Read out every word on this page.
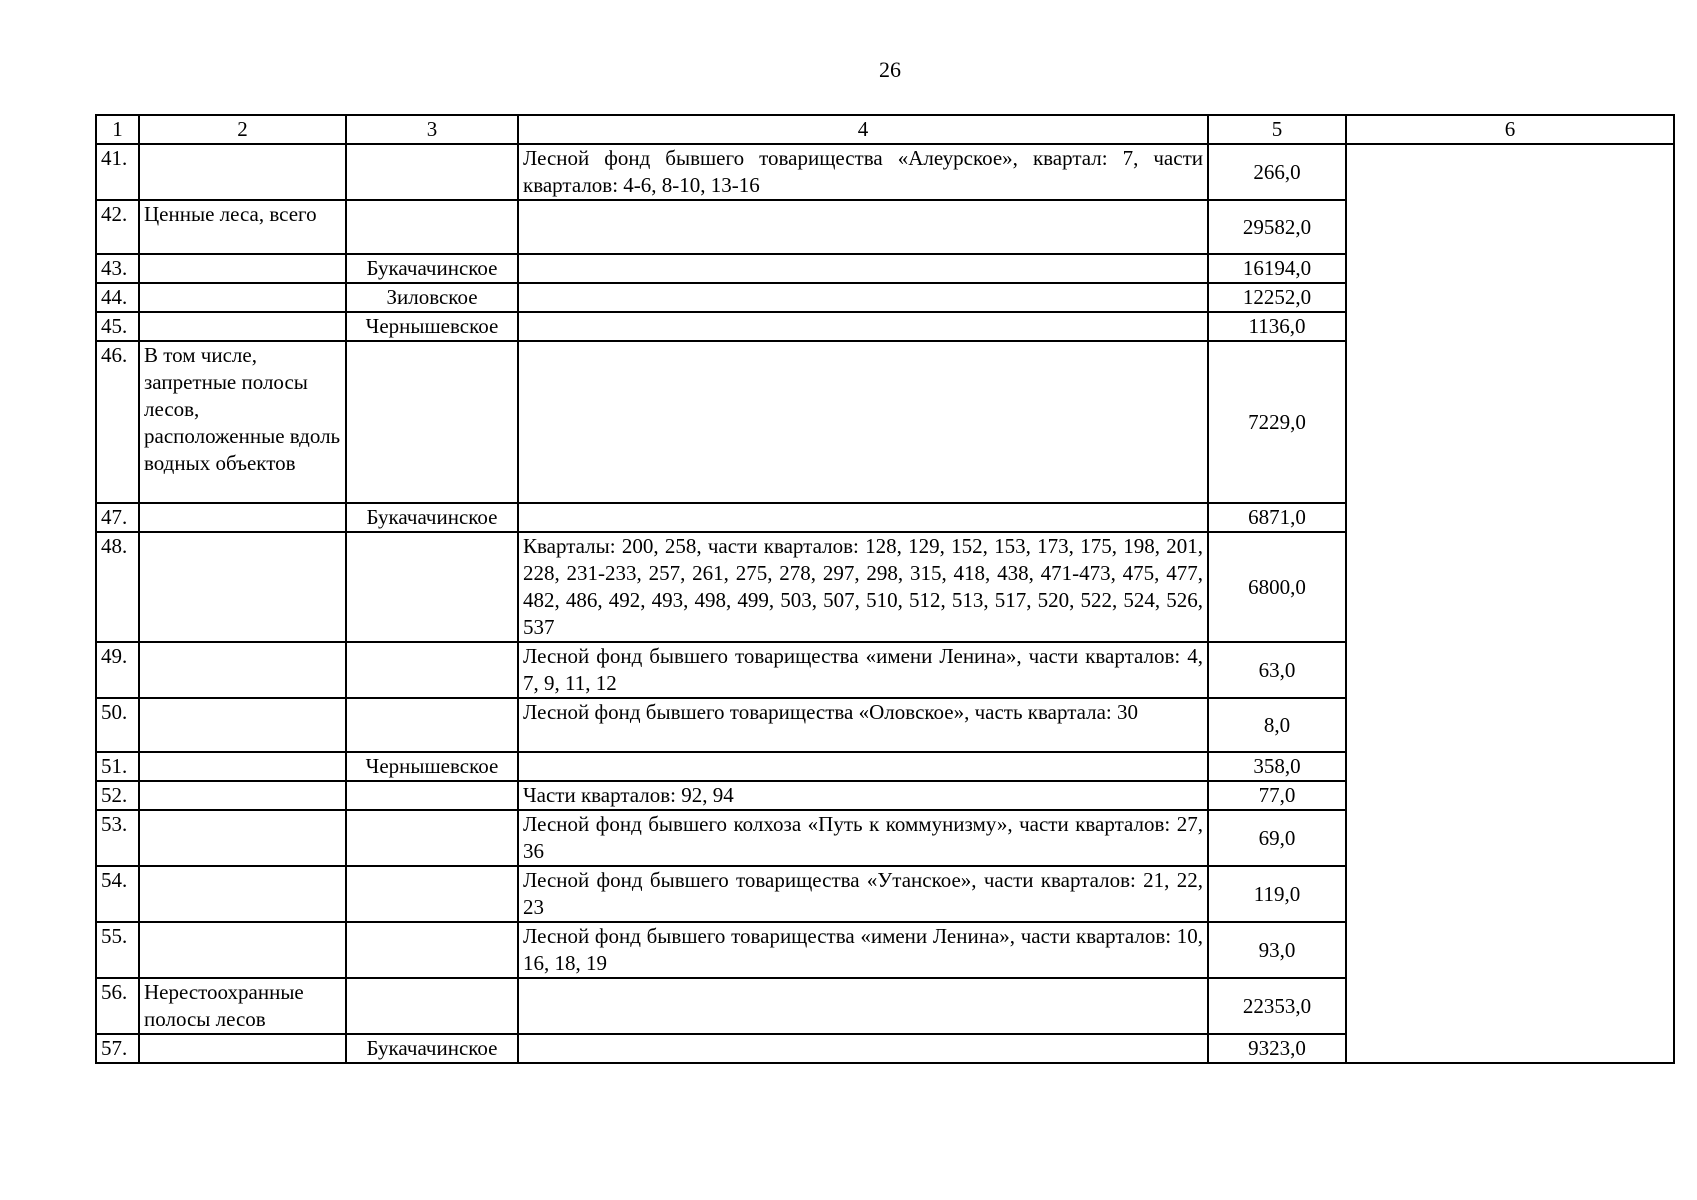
26
1	2	3	4	5	6
41.			Лесной фонд бывшего товарищества «Алеурское», квартал: 7, части кварталов: 4-6, 8-10, 13-16	266,0	
42.	Ценные леса, всего			29582,0	
43.		Букачачинское		16194,0	
44.		Зиловское		12252,0	
45.		Чернышевское		1136,0	
46.	В том числе, запретные полосы лесов, расположенные вдоль водных объектов			7229,0	
47.		Букачачинское		6871,0	
48.			Кварталы: 200, 258, части кварталов: 128, 129, 152, 153, 173, 175, 198, 201, 228, 231-233, 257, 261, 275, 278, 297, 298, 315, 418, 438, 471-473, 475, 477, 482, 486, 492, 493, 498, 499, 503, 507, 510, 512, 513, 517, 520, 522, 524, 526, 537	6800,0	
49.			Лесной фонд бывшего товарищества «имени Ленина», части кварталов: 4, 7, 9, 11, 12	63,0	
50.			Лесной фонд бывшего товарищества «Оловское», часть квартала: 30	8,0	
51.		Чернышевское		358,0	
52.			Части кварталов: 92, 94	77,0	
53.			Лесной фонд бывшего колхоза «Путь к коммунизму», части кварталов: 27, 36	69,0	
54.			Лесной фонд бывшего товарищества «Утанское», части кварталов: 21, 22, 23	119,0	
55.			Лесной фонд бывшего товарищества «имени Ленина», части кварталов: 10, 16, 18, 19	93,0	
56.	Нерестоохранные полосы лесов			22353,0	
57.		Букачачинское		9323,0	
